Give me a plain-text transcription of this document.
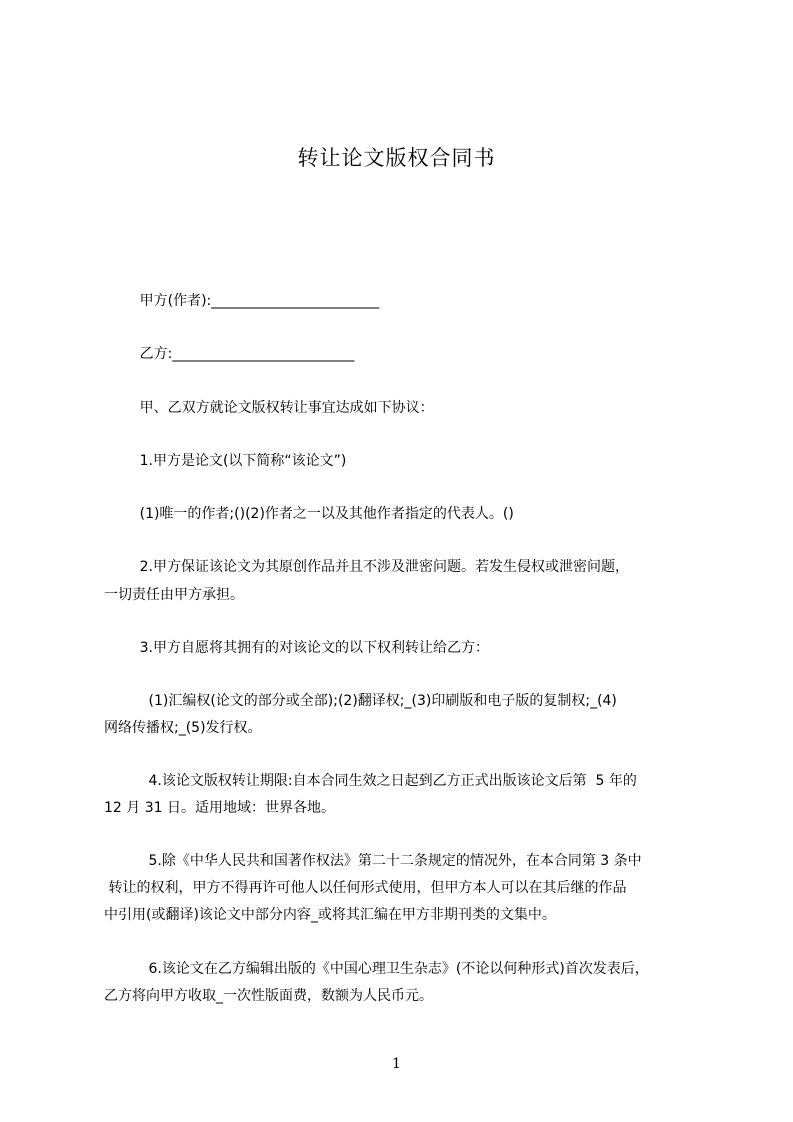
转让论文版权合同书

甲方(作者):________________________

乙方:__________________________

甲、乙双方就论文版权转让事宜达成如下协议：

1.甲方是论文(以下简称“该论文”)

(1)唯一的作者;()(2)作者之一以及其他作者指定的代表人。()

2.甲方保证该论文为其原创作品并且不涉及泄密问题。若发生侵权或泄密问题，

一切责任由甲方承担。

3.甲方自愿将其拥有的对该论文的以下权利转让给乙方：

(1)汇编权(论文的部分或全部);(2)翻译权;_(3)印刷版和电子版的复制权;_(4)

网络传播权;_(5)发行权。

4.该论文版权转让期限:自本合同生效之日起到乙方正式出版该论文后第  5 年的

12 月 31 日。适用地域：世界各地。

5.除《中华人民共和国著作权法》第二十二条规定的情况外，在本合同第 3 条中

转让的权利，甲方不得再许可他人以任何形式使用，但甲方本人可以在其后继的作品

中引用(或翻译)该论文中部分内容_或将其汇编在甲方非期刊类的文集中。

6.该论文在乙方编辑出版的《中国心理卫生杂志》(不论以何种形式)首次发表后，

乙方将向甲方收取_一次性版面费，数额为人民币元。

1
